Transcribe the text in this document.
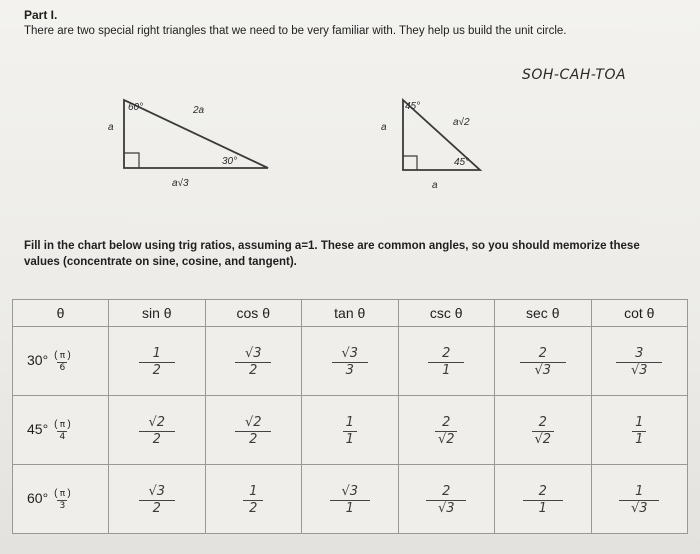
Part I.
There are two special right triangles that we need to be very familiar with. They help us build the unit circle.
SOH-CAH-TOA
60°
30°
2a
a
a√3
45°
45°
a√2
a
a
Fill in the chart below using trig ratios, assuming a=1. These are common angles, so you should memorize these values (concentrate on sine, cosine, and tangent).
θ	sin θ	cos θ	tan θ	csc θ	sec θ	cot θ
30° ( $\frac{\pi}{6}$ )	$\frac{1}{2}$	$\frac{√3}{2}$	$\frac{√3}{3}$	$\frac{2}{1}$	$\frac{2}{√3}$	$\frac{3}{√3}$

45° ( $\frac{\pi}{4}$ )	$\frac{√2}{2}$	$\frac{√2}{2}$	$\frac{1}{1}$	$\frac{2}{√2}$	$\frac{2}{√2}$	$\frac{1}{1}$

60° ( $\frac{\pi}{3}$ )	$\frac{√3}{2}$	$\frac{1}{2}$	$\frac{√3}{1}$	$\frac{2}{√3}$	$\frac{2}{1}$	$\frac{1}{√3}$
